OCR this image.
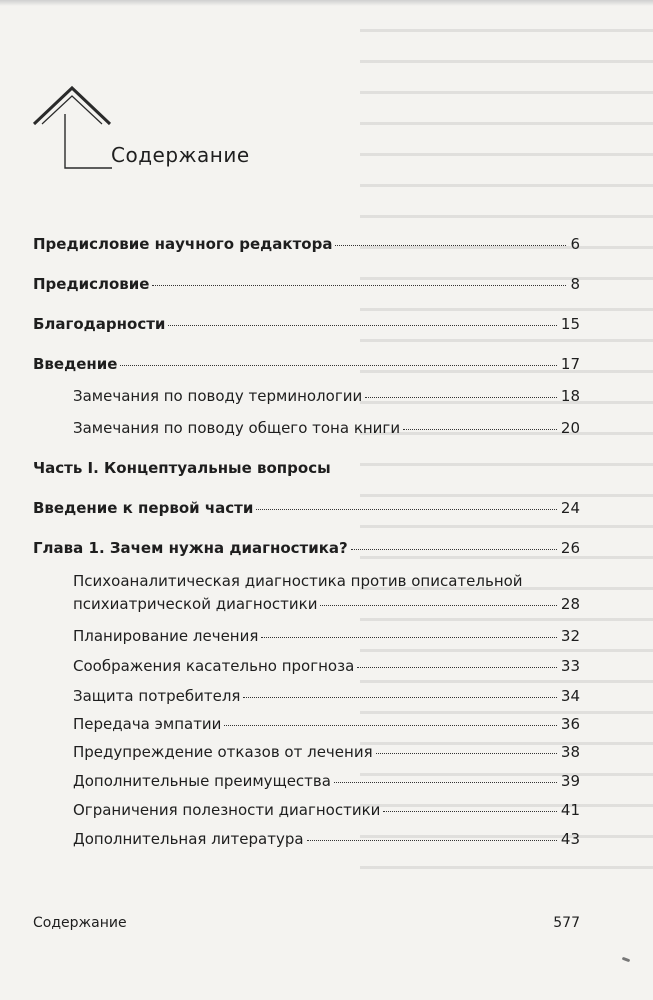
Содержание
Предисловие научного редактора	6
Предисловие	8
Благодарности	15
Введение	17
Замечания по поводу терминологии	18
Замечания по поводу общего тона книги	20
Часть I. Концептуальные вопросы
Введение к первой части	24
Глава 1. Зачем нужна диагностика?	26
Психоаналитическая диагностика против описательной
психиатрической диагностики	28
Планирование лечения	32
Соображения касательно прогноза	33
Защита потребителя	34
Передача эмпатии	36
Предупреждение отказов от лечения	38
Дополнительные преимущества	39
Ограничения полезности диагностики	41
Дополнительная литература	43
Содержание	577
